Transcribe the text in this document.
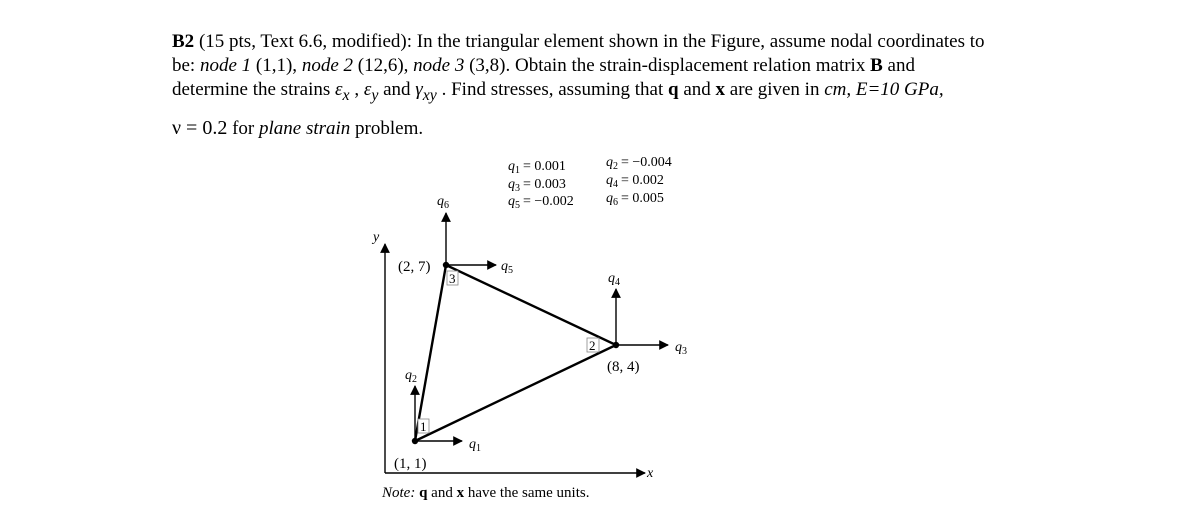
B2 (15 pts, Text 6.6, modified): In the triangular element shown in the Figure, assume nodal coordinates to

be: node 1 (1,1), node 2 (12,6), node 3 (3,8). Obtain the strain-displacement relation matrix B and

determine the strains $\varepsilon_x$ , $\varepsilon_y$ and $\gamma_{xy}$ . Find stresses, assuming that q and x are given in cm, E=10 GPa,

ν = 0.2 for plane strain problem.

$q_1 = 0.001$	$q_2 = -0.004$
$q_3 = 0.003$	$q_4 = 0.002$
$q_5 = -0.002$ $q_6 = 0.005$
y
x
1
3
2
$q_1$
$q_2$
$q_3$
$q_4$
$q_5$
$q_6$
(2, 7)
(8, 4)
(1, 1)
Note: q and x have the same units.
